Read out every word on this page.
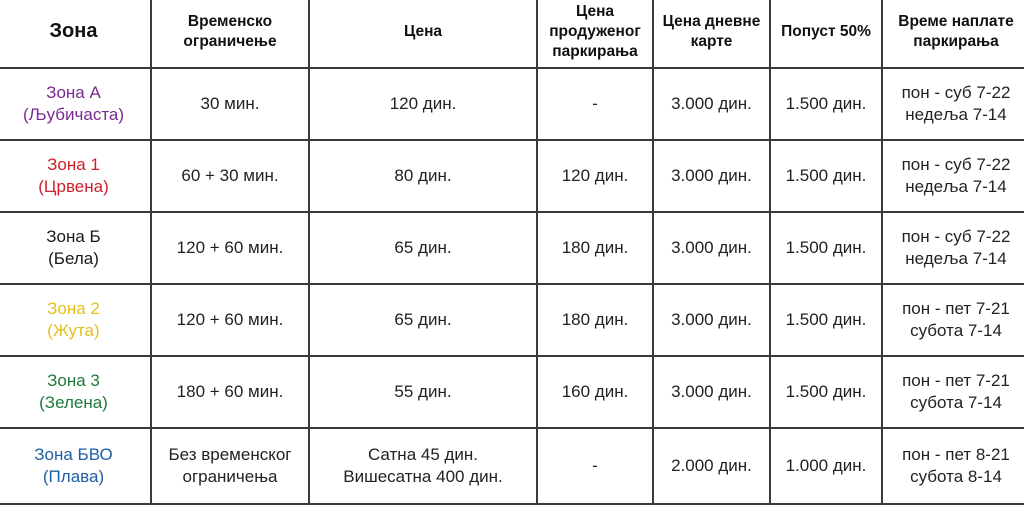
Зона	Временско
ограничење	Цена	Цена
продуженог
паркирања	Цена дневне
карте	Попуст 50%	Време наплате
паркирања

Зона А
(Љубичаста)	30 мин.	120 дин.	-	3.000 дин.	1.500 дин.	пон - суб 7-22
недеља 7-14

Зона 1
(Црвена)	60 + 30 мин.	80 дин.	120 дин.	3.000 дин.	1.500 дин.	пон - суб 7-22
недеља 7-14

Зона Б
(Бела)	120 + 60 мин.	65 дин.	180 дин.	3.000 дин.	1.500 дин.	пон - суб 7-22
недеља 7-14

Зона 2
(Жута)	120 + 60 мин.	65 дин.	180 дин.	3.000 дин.	1.500 дин.	пон - пет 7-21
субота 7-14

Зона 3
(Зелена)	180 + 60 мин.	55 дин.	160 дин.	3.000 дин.	1.500 дин.	пон - пет 7-21
субота 7-14

Зона БВО
(Плава)	Без временског
ограничења	Сатна 45 дин.
Вишесатна 400 дин.	-	2.000 дин.	1.000 дин.	пон - пет 8-21
субота 8-14
